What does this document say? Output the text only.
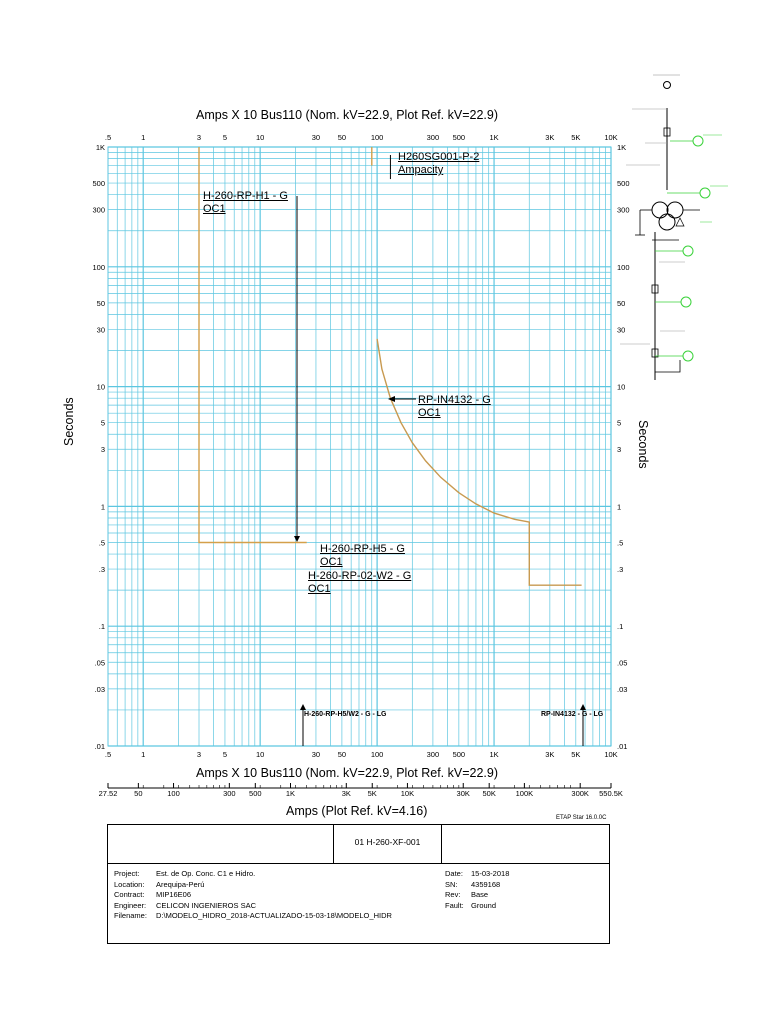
.5
.5
1
1
3
3
5
5
10
10
30
30
50
50
100
100
300
300
500
500
1K
1K
3K
3K
5K
5K
10K
10K
1K	1K
500	500
300	300
100	100
50	50
30	30
10	10
5	5
3	3
1	1
.5	.5
.3	.3
.1	.1
.05	.05
.03	.03
.01	.01
27.52 50	100	300 500	1K	3K 5K	10K	30K 50K	100K	300K 550.5K
Amps X 10 Bus110 (Nom. kV=22.9, Plot Ref. kV=22.9)
Amps X 10 Bus110 (Nom. kV=22.9, Plot Ref. kV=22.9)
Seconds	Seconds
Amps (Plot Ref. kV=4.16)	ETAP Star 16.0.0C
H-260-RP-H1 - G
OC1
H260SG001-P-2
Ampacity
RP-IN4132 - G
OC1
H-260-RP-H5 - G
OC1
H-260-RP-02-W2 - G
OC1
H-260-RP-H5/W2 - G - LG	RP-IN4132 - G - LG
01 H-260-XF-001
Project: Est. de Op. Conc. C1 e Hidro.
Location: Arequipa-Perú
Contract: MIP16E06
Engineer: CELICON INGENIEROS SAC
Filename: D:\MODELO_HIDRO_2018-ACTUALIZADO-15-03-18\MODELO_HIDR
Date: 15-03-2018
SN: 4359168
Rev: Base
Fault: Ground
